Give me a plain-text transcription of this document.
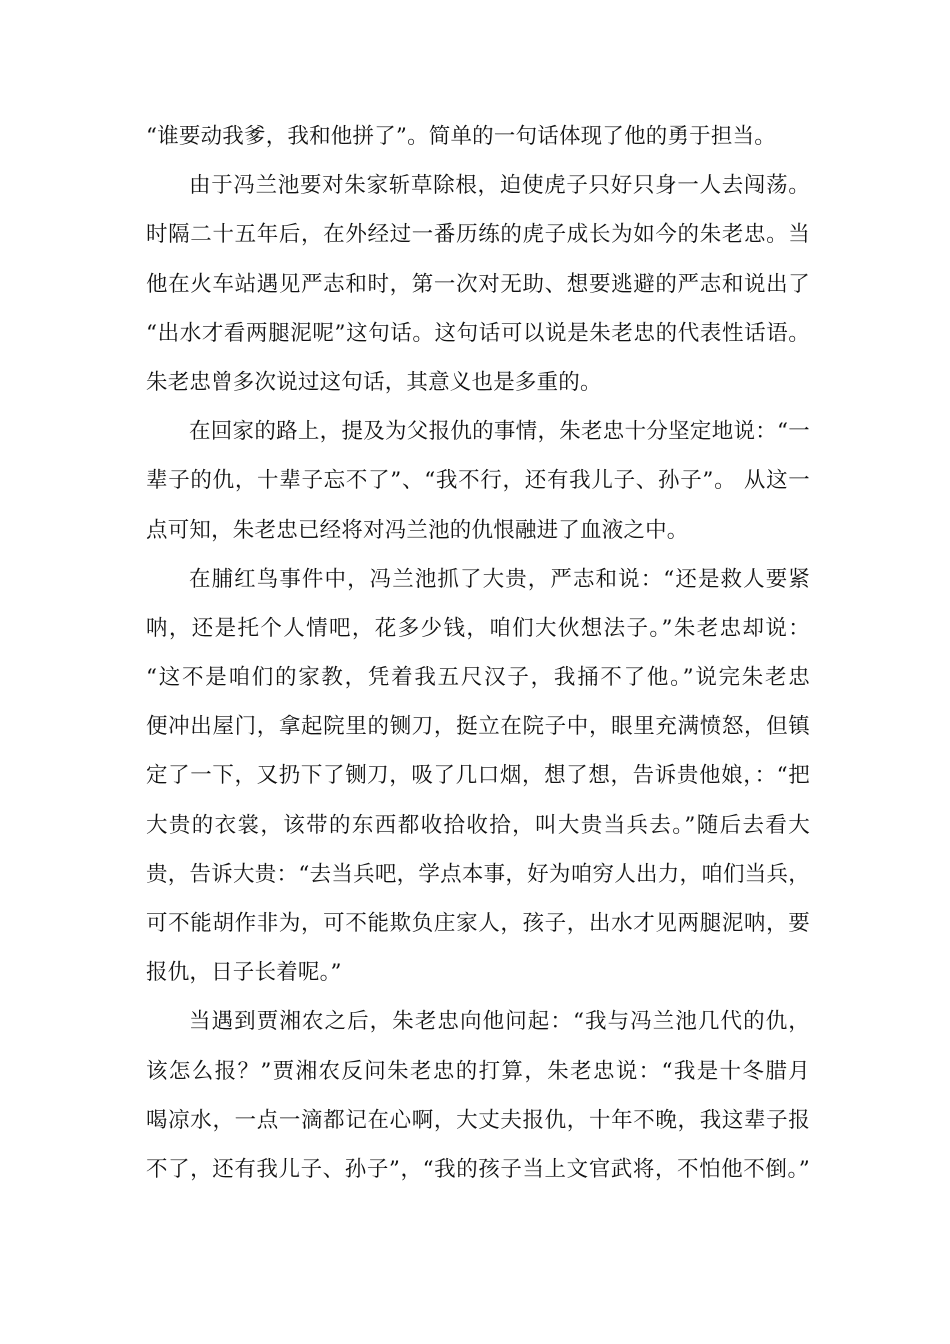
“谁要动我爹，我和他拼了”。简单的一句话体现了他的勇于担当。
由于冯兰池要对朱家斩草除根，迫使虎子只好只身一人去闯荡。
时隔二十五年后，在外经过一番历练的虎子成长为如今的朱老忠。当
他在火车站遇见严志和时，第一次对无助、想要逃避的严志和说出了
“出水才看两腿泥呢”这句话。这句话可以说是朱老忠的代表性话语。
朱老忠曾多次说过这句话，其意义也是多重的。
在回家的路上，提及为父报仇的事情，朱老忠十分坚定地说：“一
辈子的仇，十辈子忘不了”、“我不行，还有我儿子、孙子”。 从这一
点可知，朱老忠已经将对冯兰池的仇恨融进了血液之中。
在脯红鸟事件中，冯兰池抓了大贵，严志和说：“还是救人要紧
呐，还是托个人情吧，花多少钱，咱们大伙想法子。”朱老忠却说：
“这不是咱们的家教，凭着我五尺汉子，我捅不了他。”说完朱老忠
便冲出屋门，拿起院里的铡刀，挺立在院子中，眼里充满愤怒，但镇
定了一下，又扔下了铡刀，吸了几口烟，想了想，告诉贵他娘，：“把
大贵的衣裳，该带的东西都收拾收拾，叫大贵当兵去。”随后去看大
贵，告诉大贵：“去当兵吧，学点本事，好为咱穷人出力，咱们当兵，
可不能胡作非为，可不能欺负庄家人，孩子，出水才见两腿泥呐，要
报仇，日子长着呢。”
当遇到贾湘农之后，朱老忠向他问起：“我与冯兰池几代的仇，
该怎么报？”贾湘农反问朱老忠的打算，朱老忠说：“我是十冬腊月
喝凉水，一点一滴都记在心啊，大丈夫报仇，十年不晚，我这辈子报
不了，还有我儿子、孙子”，“我的孩子当上文官武将，不怕他不倒。”
